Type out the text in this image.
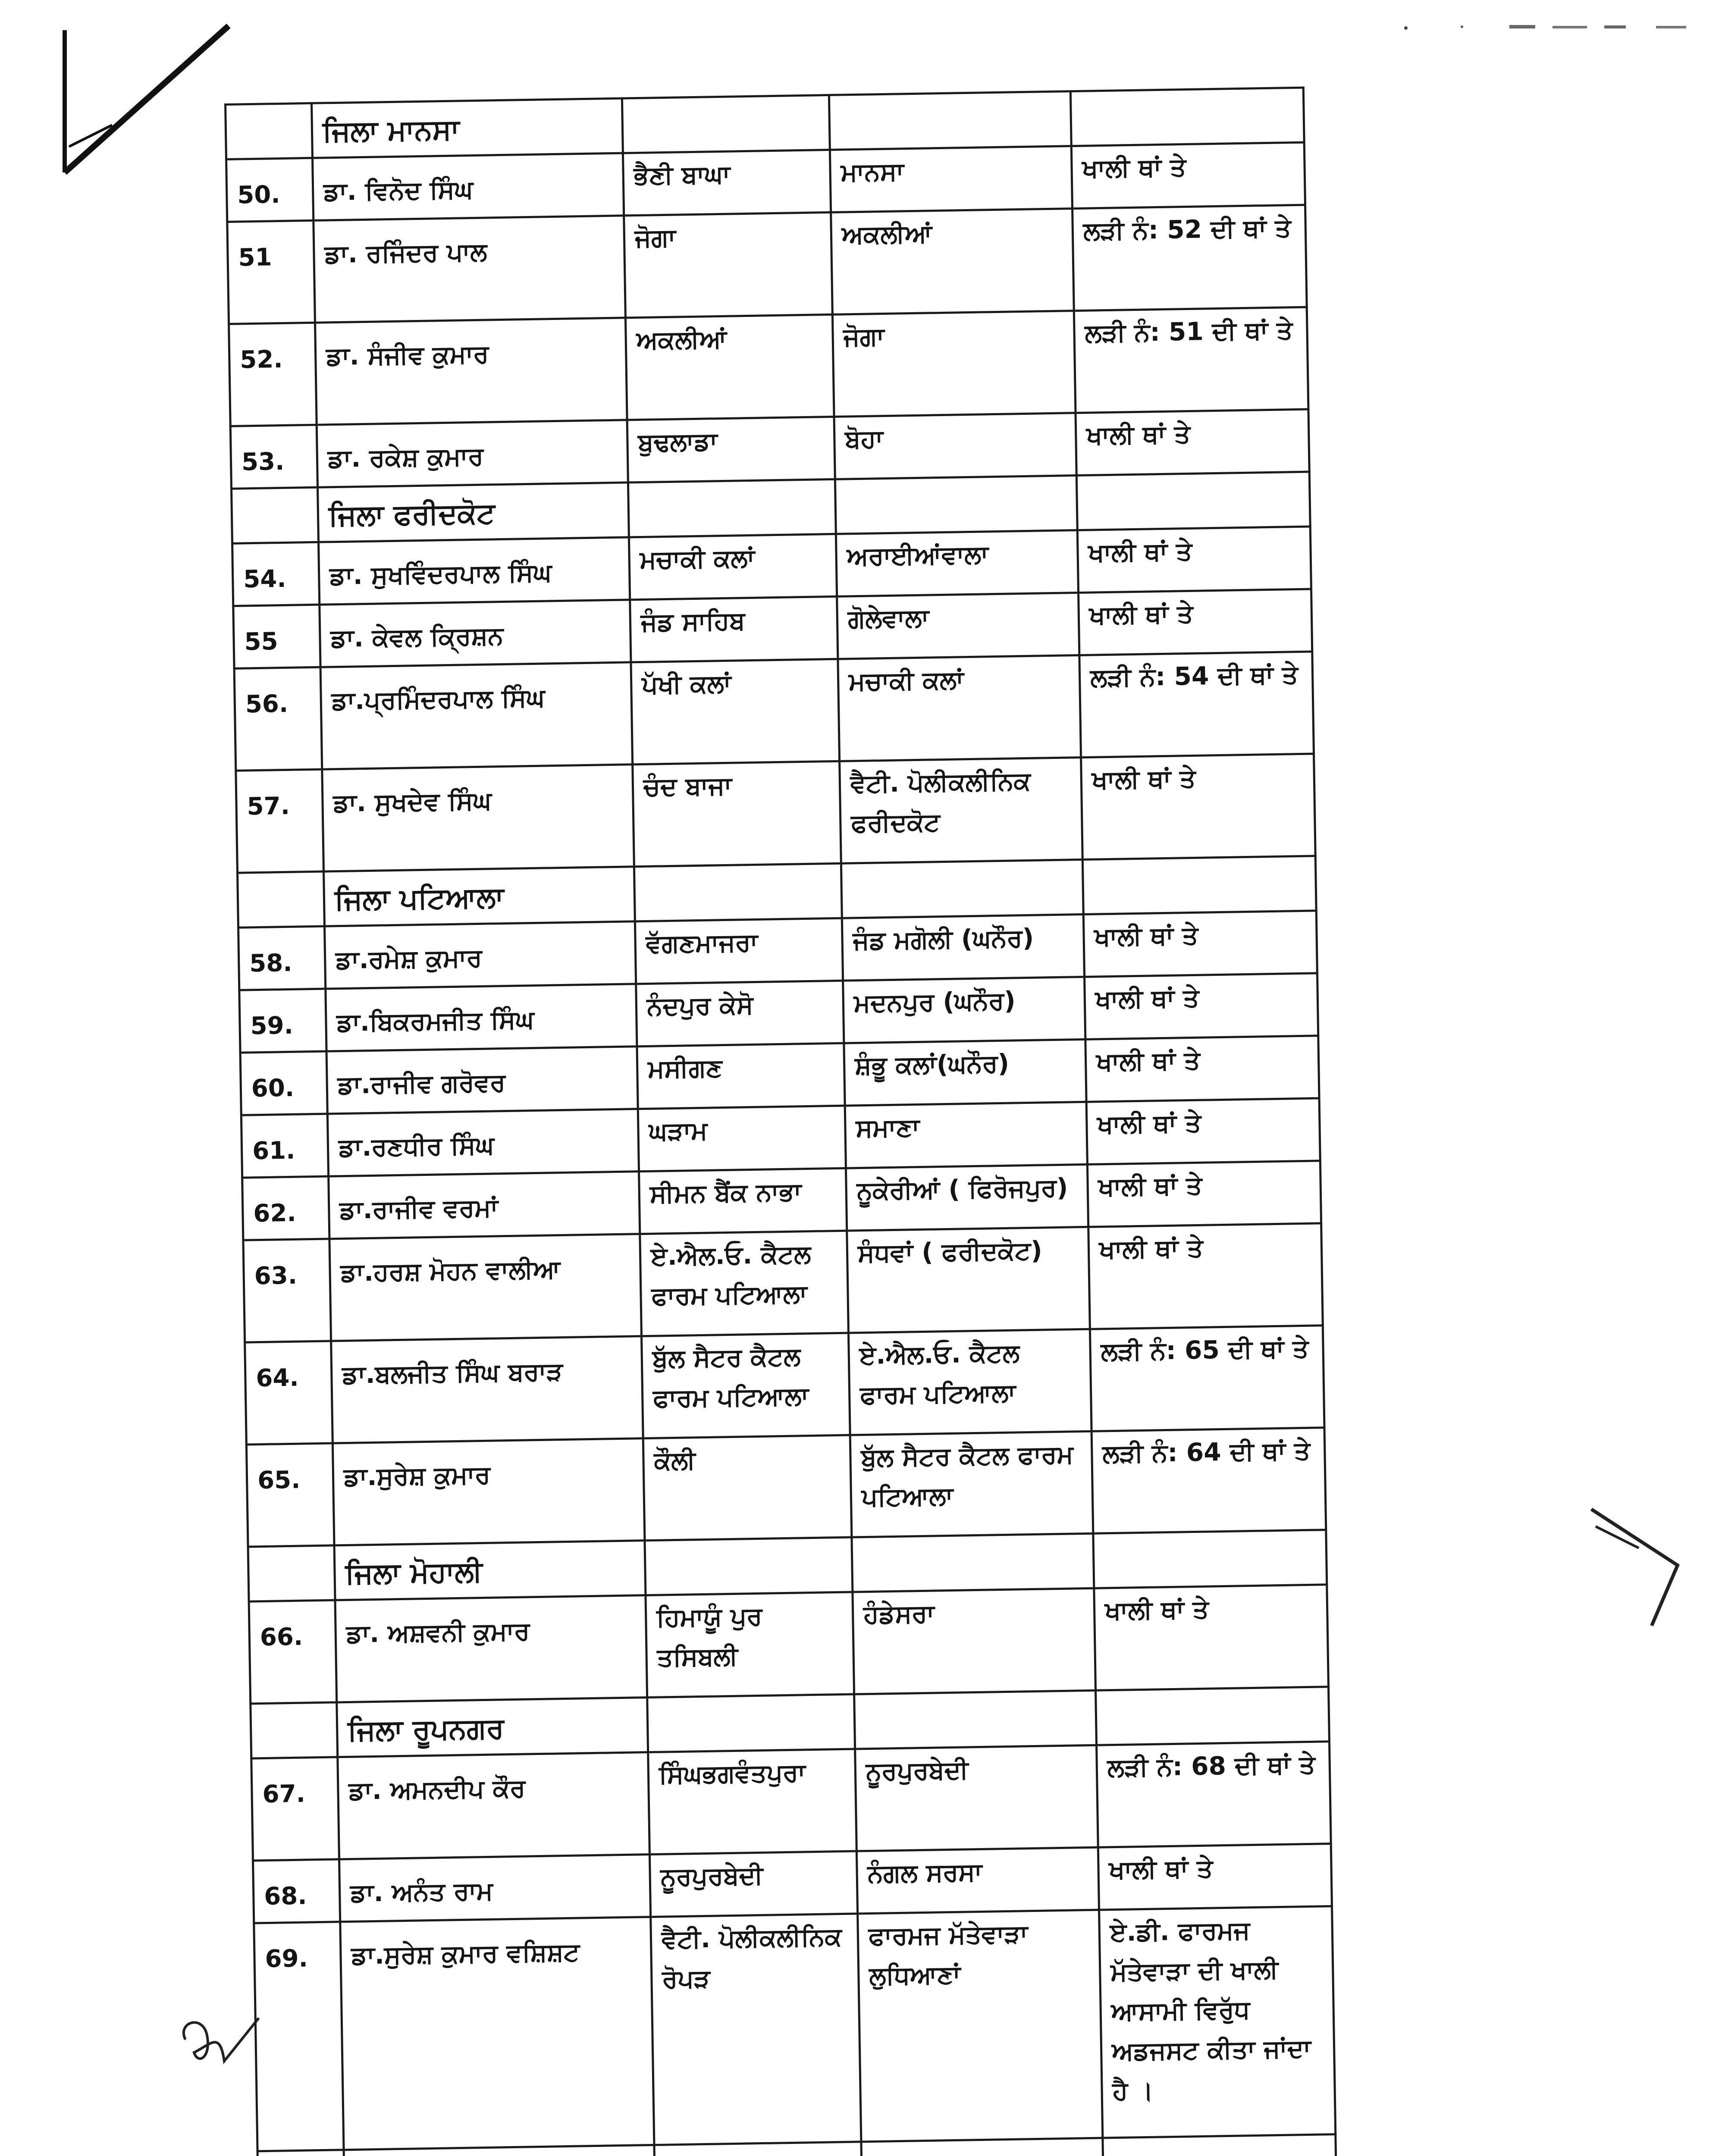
	ਜਿਲਾ ਮਾਨਸਾ			
50.	ਡਾ. ਵਿਨੋਦ ਸਿੰਘ	ਭੈਣੀ ਬਾਘਾ	ਮਾਨਸਾ	ਖਾਲੀ ਥਾਂ ਤੇ
51	ਡਾ. ਰਜਿੰਦਰ ਪਾਲ	ਜੋਗਾ	ਅਕਲੀਆਂ	ਲੜੀ ਨੰ: 52 ਦੀ ਥਾਂ ਤੇ
52.	ਡਾ. ਸੰਜੀਵ ਕੁਮਾਰ	ਅਕਲੀਆਂ	ਜੋਗਾ	ਲੜੀ ਨੰ: 51 ਦੀ ਥਾਂ ਤੇ
53.	ਡਾ. ਰਕੇਸ਼ ਕੁਮਾਰ	ਬੁਢਲਾਡਾ	ਬੋਹਾ	ਖਾਲੀ ਥਾਂ ਤੇ
	ਜਿਲਾ ਫਰੀਦਕੋਟ			
54.	ਡਾ. ਸੁਖਵਿੰਦਰਪਾਲ ਸਿੰਘ	ਮਚਾਕੀ ਕਲਾਂ	ਅਰਾਈਆਂਵਾਲਾ	ਖਾਲੀ ਥਾਂ ਤੇ
55	ਡਾ. ਕੇਵਲ ਕ੍ਰਿਸ਼ਨ	ਜੰਡ ਸਾਹਿਬ	ਗੋਲੇਵਾਲਾ	ਖਾਲੀ ਥਾਂ ਤੇ
56.	ਡਾ.ਪ੍ਰਮਿੰਦਰਪਾਲ ਸਿੰਘ	ਪੱਖੀ ਕਲਾਂ	ਮਚਾਕੀ ਕਲਾਂ	ਲੜੀ ਨੰ: 54 ਦੀ ਥਾਂ ਤੇ
57.	ਡਾ. ਸੁਖਦੇਵ ਸਿੰਘ	ਚੰਦ ਬਾਜਾ	ਵੈਟੀ. ਪੋਲੀਕਲੀਨਿਕ ਫਰੀਦਕੋਟ	ਖਾਲੀ ਥਾਂ ਤੇ
	ਜਿਲਾ ਪਟਿਆਲਾ			
58.	ਡਾ.ਰਮੇਸ਼ ਕੁਮਾਰ	ਵੱਗਣਮਾਜਰਾ	ਜੰਡ ਮਗੋਲੀ (ਘਨੌਰ)	ਖਾਲੀ ਥਾਂ ਤੇ
59.	ਡਾ.ਬਿਕਰਮਜੀਤ ਸਿੰਘ	ਨੰਦਪੁਰ ਕੇਸੋ	ਮਦਨਪੁਰ (ਘਨੌਰ)	ਖਾਲੀ ਥਾਂ ਤੇ
60.	ਡਾ.ਰਾਜੀਵ ਗਰੋਵਰ	ਮਸੀਗਣ	ਸ਼ੰਭੂ ਕਲਾਂ(ਘਨੌਰ)	ਖਾਲੀ ਥਾਂ ਤੇ
61.	ਡਾ.ਰਣਧੀਰ ਸਿੰਘ	ਘੜਾਮ	ਸਮਾਣਾ	ਖਾਲੀ ਥਾਂ ਤੇ
62.	ਡਾ.ਰਾਜੀਵ ਵਰਮਾਂ	ਸੀਮਨ ਬੈਂਕ ਨਾਭਾ	ਨੂਕੇਰੀਆਂ ( ਫਿਰੋਜਪੁਰ)	ਖਾਲੀ ਥਾਂ ਤੇ
63.	ਡਾ.ਹਰਸ਼ ਮੋਹਨ ਵਾਲੀਆ	ਏ.ਐਲ.ਓ. ਕੈਟਲ ਫਾਰਮ ਪਟਿਆਲਾ	ਸੰਧਵਾਂ ( ਫਰੀਦਕੋਟ)	ਖਾਲੀ ਥਾਂ ਤੇ
64.	ਡਾ.ਬਲਜੀਤ ਸਿੰਘ ਬਰਾੜ	ਬੁੱਲ ਸੈਟਰ ਕੈਟਲ ਫਾਰਮ ਪਟਿਆਲਾ	ਏ.ਐਲ.ਓ. ਕੈਟਲ ਫਾਰਮ ਪਟਿਆਲਾ	ਲੜੀ ਨੰ: 65 ਦੀ ਥਾਂ ਤੇ
65.	ਡਾ.ਸੁਰੇਸ਼ ਕੁਮਾਰ	ਕੌਲੀ	ਬੁੱਲ ਸੈਟਰ ਕੈਟਲ ਫਾਰਮ ਪਟਿਆਲਾ	ਲੜੀ ਨੰ: 64 ਦੀ ਥਾਂ ਤੇ
	ਜਿਲਾ ਮੋਹਾਲੀ			
66.	ਡਾ. ਅਸ਼ਵਨੀ ਕੁਮਾਰ	ਹਿਮਾਯੂੰ ਪੁਰ ਤਸਿਬਲੀ	ਹੰਡੇਸਰਾ	ਖਾਲੀ ਥਾਂ ਤੇ
	ਜਿਲਾ ਰੂਪਨਗਰ			
67.	ਡਾ. ਅਮਨਦੀਪ ਕੌਰ	ਸਿੰਘਭਗਵੰਤਪੁਰਾ	ਨੂਰਪੁਰਬੇਦੀ	ਲੜੀ ਨੰ: 68 ਦੀ ਥਾਂ ਤੇ
68.	ਡਾ. ਅਨੰਤ ਰਾਮ	ਨੂਰਪੁਰਬੇਦੀ	ਨੰਗਲ ਸਰਸਾ	ਖਾਲੀ ਥਾਂ ਤੇ
69.	ਡਾ.ਸੁਰੇਸ਼ ਕੁਮਾਰ ਵਸ਼ਿਸ਼ਟ	ਵੈਟੀ. ਪੋਲੀਕਲੀਨਿਕ ਰੋਪੜ	ਫਾਰਮਜ ਮੱਤੇਵਾੜਾ ਲੁਧਿਆਣਾਂ	ਏ.ਡੀ. ਫਾਰਮਜ ਮੱਤੇਵਾੜਾ ਦੀ ਖਾਲੀ ਆਸਾਮੀ ਵਿਰੁੱਧ ਅਡਜਸਟ ਕੀਤਾ ਜਾਂਦਾ ਹੈ ।
